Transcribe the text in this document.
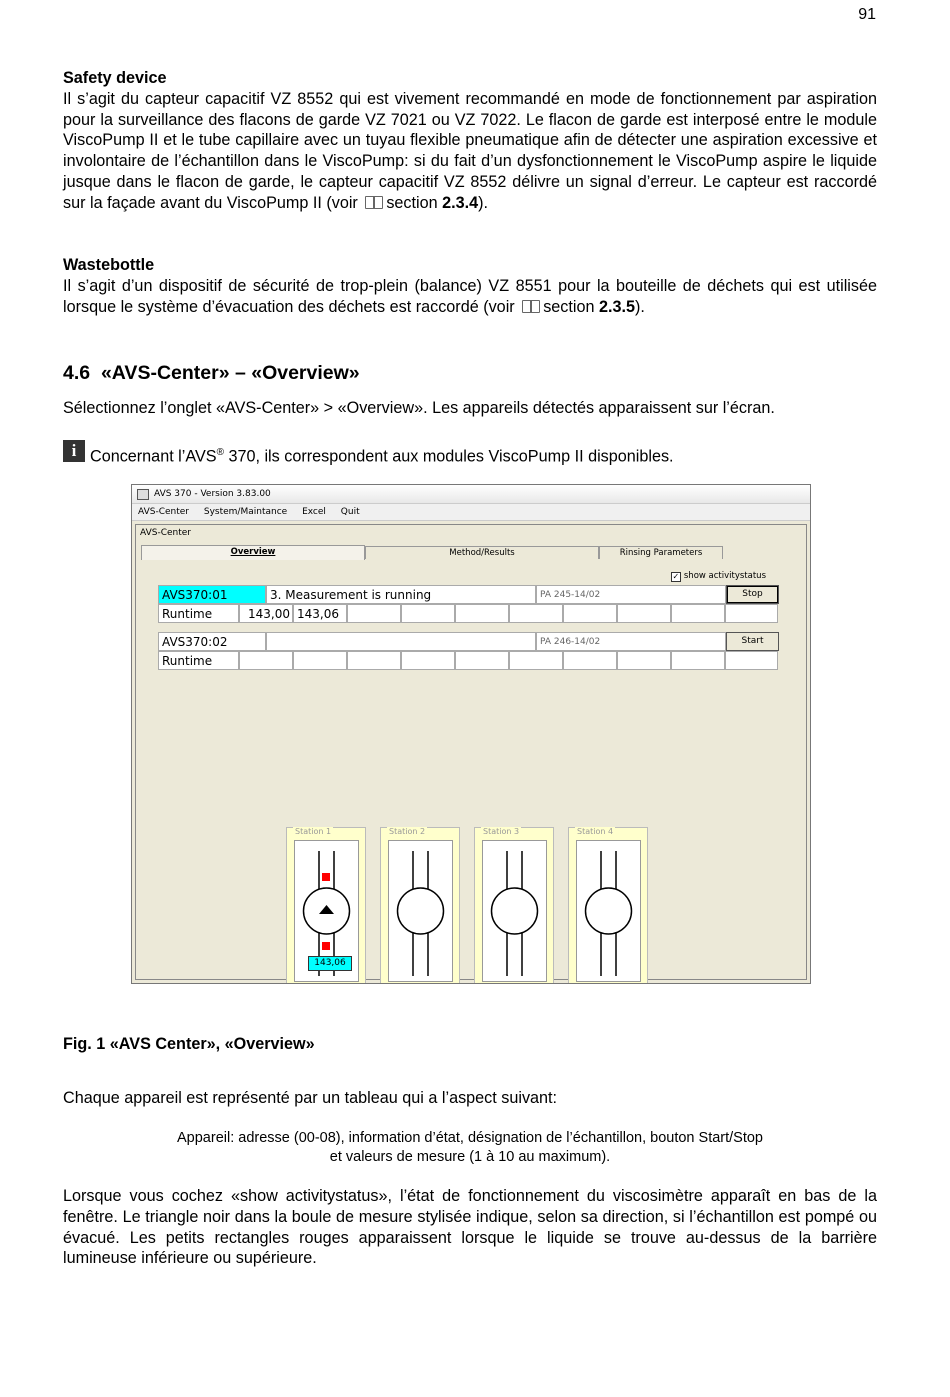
91

Safety device
Il s’agit du capteur capacitif VZ 8552 qui est vivement recommandé en mode de fonctionnement par aspiration pour la surveillance des flacons de garde VZ 7021 ou VZ 7022. Le flacon de garde est interposé entre le module ViscoPump II et le tube capillaire avec un tuyau flexible pneumatique afin de détecter une aspiration excessive et involontaire de l’échantillon dans le ViscoPump: si du fait d’un dysfonctionnement le ViscoPump aspire le liquide jusque dans le flacon de garde, le capteur capacitif VZ 8552 délivre un signal d’erreur. Le capteur est raccordé sur la façade avant du ViscoPump II (voir section 2.3.4).

Wastebottle
Il s’agit d’un dispositif de sécurité de trop-plein (balance) VZ 8551 pour la bouteille de déchets qui est utilisée lorsque le système d’évacuation des déchets est raccordé (voir section 2.3.5).

4.6 «AVS-Center» – «Overview»

Sélectionnez l’onglet «AVS-Center» > «Overview». Les appareils détectés apparaissent sur l’écran.

i Concernant l’AVS® 370, ils correspondent aux modules ViscoPump II disponibles.

AVS 370 - Version 3.83.00
AVS-Center System/Maintance Excel Quit
AVS-Center
Overview	Method/Results	Rinsing Parameters
✓ show activitystatus
AVS370:01	3. Measurement is running	PA 245-14/02	Stop
Runtime	143,00 143,06
AVS370:02	PA 246-14/02	Start
Runtime
Station 1
143,06
Station 2	Station 3	Station 4
Fig. 1 «AVS Center», «Overview»

Chaque appareil est représenté par un tableau qui a l’aspect suivant:

Appareil: adresse (00-08), information d’état, désignation de l’échantillon, bouton Start/Stop
et valeurs de mesure (1 à 10 au maximum).

Lorsque vous cochez «show activitystatus», l’état de fonctionnement du viscosimètre apparaît en bas de la fenêtre. Le triangle noir dans la boule de mesure stylisée indique, selon sa direction, si l’échantillon est pompé ou évacué. Les petits rectangles rouges apparaissent lorsque le liquide se trouve au-dessus de la barrière lumineuse inférieure ou supérieure.
